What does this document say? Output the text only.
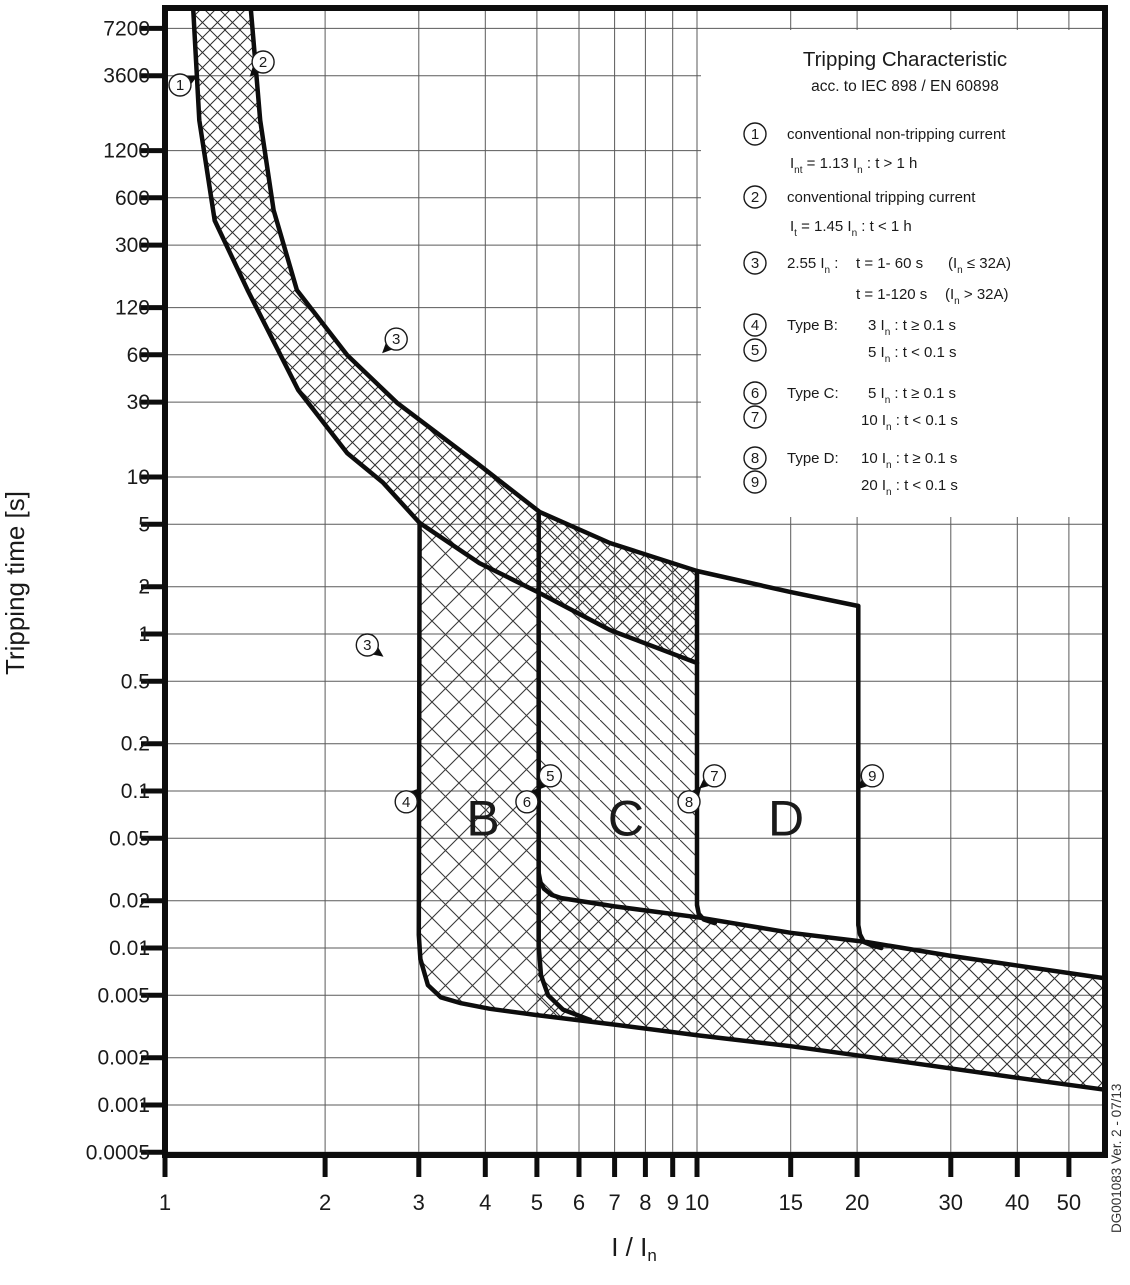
1	2	3 4 5 6 7 8 9 10	15 20	30 40 50
7200
3600
1200
600
300
120
60
30
10
5
2
1
0.5
0.2
0.1
0.05
0.02
0.01
0.005
0.002
0.001
0.0005
Tripping Characteristic
acc. to IEC 898 / EN 60898
1 conventional non-tripping current
$I_{nt} = 1.13$ $I_n$ : t > 1 h
2 conventional tripping current
$I_t = 1.45$ $I_n$ : t < 1 h
3 2.55 $I_n$ : t = 1- 60 s $(I_n \le 32A)$
t = 1-120 s $(I_n > 32A)$
4 Type B: 3 $I_n$ : t ≥ 0.1 s
5	5 $I_n$ : t < 0.1 s
6 Type C: 5 $I_n$ : t ≥ 0.1 s
7	10 $I_n$ : t < 0.1 s
8 Type D: 10 $I_n$ : t ≥ 0.1 s
9	20 $I_n$ : t < 0.1 s
1
2
3
3
4
5
6
7
8
9
B C D
Tripping time [s]
I / In
DG001083 Ver. 2 - 07/13
